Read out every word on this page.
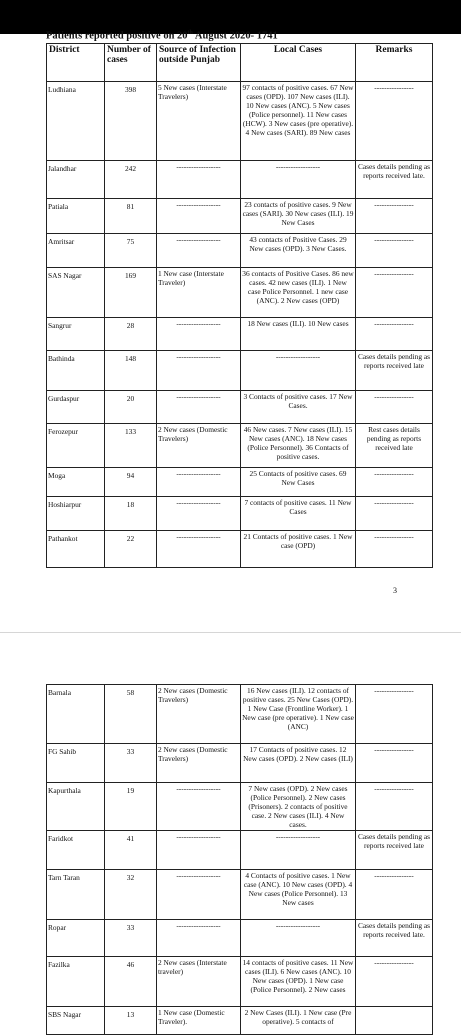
Patients reported positive on 20th August 2020- 1741
District	Number of cases	Source of Infection outside Punjab	Local Cases	Remarks
Ludhiana	398	5 New cases (Interstate Travelers)	97 contacts of positive cases. 67 New cases (OPD). 107 New cases (ILI). 10 New cases (ANC). 5 New cases (Police personnel). 11 New cases (HCW). 3 New cases (pre operative). 4 New cases (SARI). 89 New cases	----------------
Jalandhar	242	------------------	------------------	Cases details pending as reports received late.
Patiala	81	------------------	23 contacts of positive cases. 9 New cases (SARI). 30 New cases (ILI). 19 New Cases	----------------
Amritsar	75	------------------	43 contacts of Positive Cases. 29 New cases (OPD). 3 New Cases.	----------------
SAS Nagar	169	1 New case (Interstate Traveler)	36 contacts of Positive Cases. 86 new cases. 42 new cases (ILI). 1 New case Police Personnel. 1 new case (ANC). 2 New cases (OPD)	----------------
Sangrur	28	------------------	18 New cases (ILI). 10 New cases	----------------
Bathinda	148	------------------	------------------	Cases details pending as reports received late
Gurdaspur	20	------------------	3 Contacts of positive cases. 17 New Cases.	----------------
Ferozepur	133	2 New cases (Domestic Travelers)	46 New cases. 7 New cases (ILI). 15 New cases (ANC). 18 New cases (Police Personnel). 36 Contacts of positive cases.	Rest cases details pending as reports received late
Moga	94	------------------	25 Contacts of positive cases. 69 New Cases	----------------
Hoshiarpur	18	------------------	7 contacts of positive cases. 11 New Cases	----------------
Pathankot	22	------------------	21 Contacts of positive cases. 1 New case (OPD)	----------------
3
Barnala	58	2 New cases (Domestic Travelers)	16 New cases (ILI). 12 contacts of positive cases. 25 New Cases (OPD). 1 New Case (Frontline Worker). 1 New case (pre operative). 1 New case (ANC)	----------------
FG Sahib	33	2 New cases (Domestic Travelers)	17 Contacts of positive cases. 12 New cases (OPD). 2 New cases (ILI)	----------------
Kapurthala	19	------------------	7 New cases (OPD). 2 New cases (Police Personnel). 2 New cases (Prisoners). 2 contacts of positive case. 2 New cases (ILI). 4 New cases.	----------------
Faridkot	41	------------------	------------------	Cases details pending as reports received late
Tarn Taran	32	------------------	4 Contacts of positive cases. 1 New case (ANC). 10 New cases (OPD). 4 New cases (Police Personnel). 13 New cases	----------------
Ropar	33	------------------	------------------	Cases details pending as reports received late.
Fazilka	46	2 New cases (Interstate traveler)	14 contacts of positive cases. 11 New cases (ILI). 6 New cases (ANC). 10 New cases (OPD). 1 New case (Police Personnel). 2 New cases	----------------
SBS Nagar	13	1 New case (Domestic Traveler).	2 New Cases (ILI). 1 New case (Pre operative). 5 contacts of	
